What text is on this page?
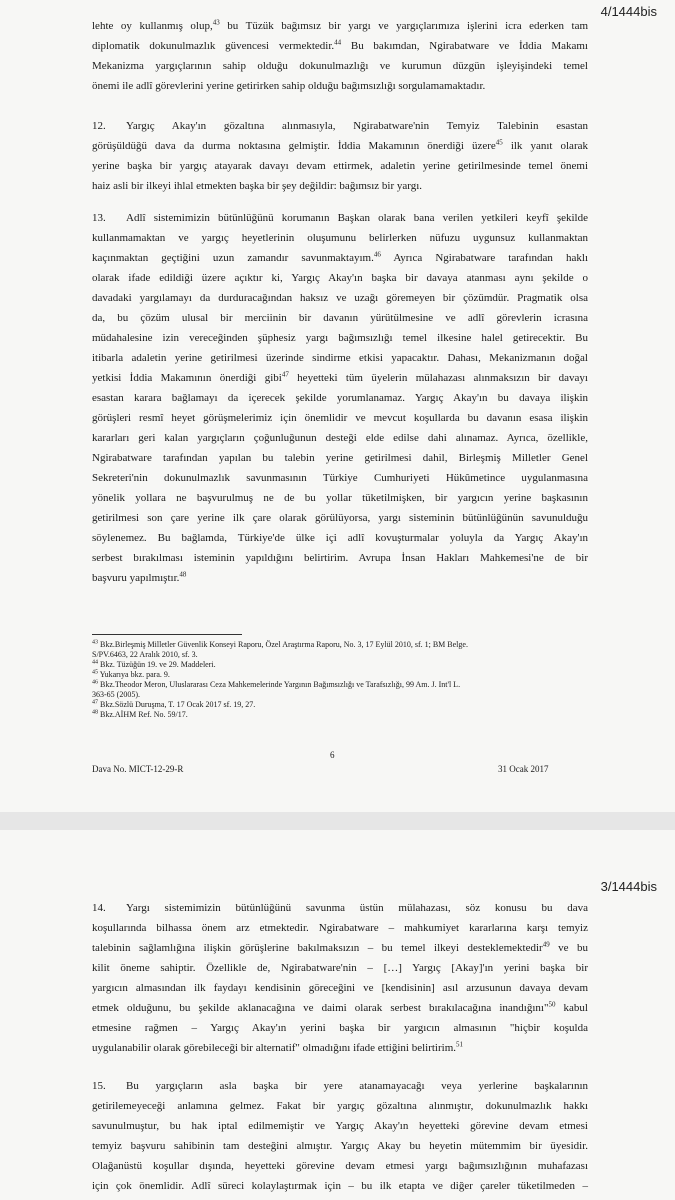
4/1444bis
lehte oy kullanmış olup,$^{43}$ bu Tüzük bağımsız bir yargı ve yargıçlarımıza işlerini icra ederken tam
diplomatik dokunulmazlık güvencesi vermektedir.$^{44}$ Bu bakımdan, Ngirabatware ve İddia Makamı
Mekanizma yargıçlarının sahip olduğu dokunulmazlığı ve kurumun düzgün işleyişindeki temel
önemi ile adlî görevlerini yerine getirirken sahip olduğu bağımsızlığı sorgulamamaktadır.
12. Yargıç Akay'ın gözaltına alınmasıyla, Ngirabatware'nin Temyiz Talebinin esastan
görüşüldüğü dava da durma noktasına gelmiştir. İddia Makamının önerdiği üzere$^{45}$ ilk yanıt olarak
yerine başka bir yargıç atayarak davayı devam ettirmek, adaletin yerine getirilmesinde temel önemi
haiz asli bir ilkeyi ihlal etmekten başka bir şey değildir: bağımsız bir yargı.
13. Adlî sistemimizin bütünlüğünü korumanın Başkan olarak bana verilen yetkileri keyfî şekilde
kullanmamaktan ve yargıç heyetlerinin oluşumunu belirlerken nüfuzu uygunsuz kullanmaktan
kaçınmaktan geçtiğini uzun zamandır savunmaktayım.$^{46}$ Ayrıca Ngirabatware tarafından haklı
olarak ifade edildiği üzere açıktır ki, Yargıç Akay'ın başka bir davaya atanması aynı şekilde o
davadaki yargılamayı da durduracağından haksız ve uzağı göremeyen bir çözümdür. Pragmatik olsa
da, bu çözüm ulusal bir merciinin bir davanın yürütülmesine ve adlî görevlerin icrasına
müdahalesine izin vereceğinden şüphesiz yargı bağımsızlığı temel ilkesine halel getirecektir. Bu
itibarla adaletin yerine getirilmesi üzerinde sindirme etkisi yapacaktır. Dahası, Mekanizmanın doğal
yetkisi İddia Makamının önerdiği gibi$^{47}$ heyetteki tüm üyelerin mülahazası alınmaksızın bir davayı
esastan karara bağlamayı da içerecek şekilde yorumlanamaz. Yargıç Akay'ın bu davaya ilişkin
görüşleri resmî heyet görüşmelerimiz için önemlidir ve mevcut koşullarda bu davanın esasa ilişkin
kararları geri kalan yargıçların çoğunluğunun desteği elde edilse dahi alınamaz. Ayrıca, özellikle,
Ngirabatware tarafından yapılan bu talebin yerine getirilmesi dahil, Birleşmiş Milletler Genel
Sekreteri'nin dokunulmazlık savunmasının Türkiye Cumhuriyeti Hükûmetince uygulanmasına
yönelik yollara ne başvurulmuş ne de bu yollar tüketilmişken, bir yargıcın yerine başkasının
getirilmesi son çare yerine ilk çare olarak görülüyorsa, yargı sisteminin bütünlüğünün savunulduğu
söylenemez. Bu bağlamda, Türkiye'de ülke içi adlî kovuşturmalar yoluyla da Yargıç Akay'ın
serbest bırakılması isteminin yapıldığını belirtirim. Avrupa İnsan Hakları Mahkemesi'ne de bir
başvuru yapılmıştır.$^{48}$
$^{43}$ Bkz.Birleşmiş Milletler Güvenlik Konseyi Raporu, Özel Araştırma Raporu, No. 3, 17 Eylül 2010, sf. 1; BM Belge.
S/PV.6463, 22 Aralık 2010, sf. 3.
$^{44}$ Bkz. Tüzüğün 19. ve 29. Maddeleri.
$^{45}$ Yukarıya bkz. para. 9.
$^{46}$ Bkz.Theodor Meron, Uluslararası Ceza Mahkemelerinde Yargının Bağımsızlığı ve Tarafsızlığı, 99 Am. J. Int'l L.
363-65 (2005).
$^{47}$ Bkz.Sözlü Duruşma, T. 17 Ocak 2017 sf. 19, 27.
$^{48}$ Bkz.AİHM Ref. No. 59/17.
6
Dava No. MICT-12-29-R	31 Ocak 2017
3/1444bis
14. Yargı sistemimizin bütünlüğünü savunma üstün mülahazası, söz konusu bu dava
koşullarında bilhassa önem arz etmektedir. Ngirabatware – mahkumiyet kararlarına karşı temyiz
talebinin sağlamlığına ilişkin görüşlerine bakılmaksızın – bu temel ilkeyi desteklemektedir$^{49}$ ve bu
kilit öneme sahiptir. Özellikle de, Ngirabatware'nin – […] Yargıç [Akay]'ın yerini başka bir
yargıcın almasından ilk faydayı kendisinin göreceğini ve [kendisinin] asıl arzusunun davaya devam
etmek olduğunu, bu şekilde aklanacağına ve daimi olarak serbest bırakılacağına inandığını"$^{50}$ kabul
etmesine rağmen – Yargıç Akay'ın yerini başka bir yargıcın almasının "hiçbir koşulda
uygulanabilir olarak görebileceği bir alternatif" olmadığını ifade ettiğini belirtirim.$^{51}$
15. Bu yargıçların asla başka bir yere atanamayacağı veya yerlerine başkalarının
getirilemeyeceği anlamına gelmez. Fakat bir yargıç gözaltına alınmıştır, dokunulmazlık hakkı
savunulmuştur, bu hak iptal edilmemiştir ve Yargıç Akay'ın heyetteki görevine devam etmesi
temyiz başvuru sahibinin tam desteğini almıştır. Yargıç Akay bu heyetin mütemmim bir üyesidir.
Olağanüstü koşullar dışında, heyetteki görevine devam etmesi yargı bağımsızlığının muhafazası
için çok önemlidir. Adlî süreci kolaylaştırmak için – bu ilk etapta ve diğer çareler tüketilmeden –
